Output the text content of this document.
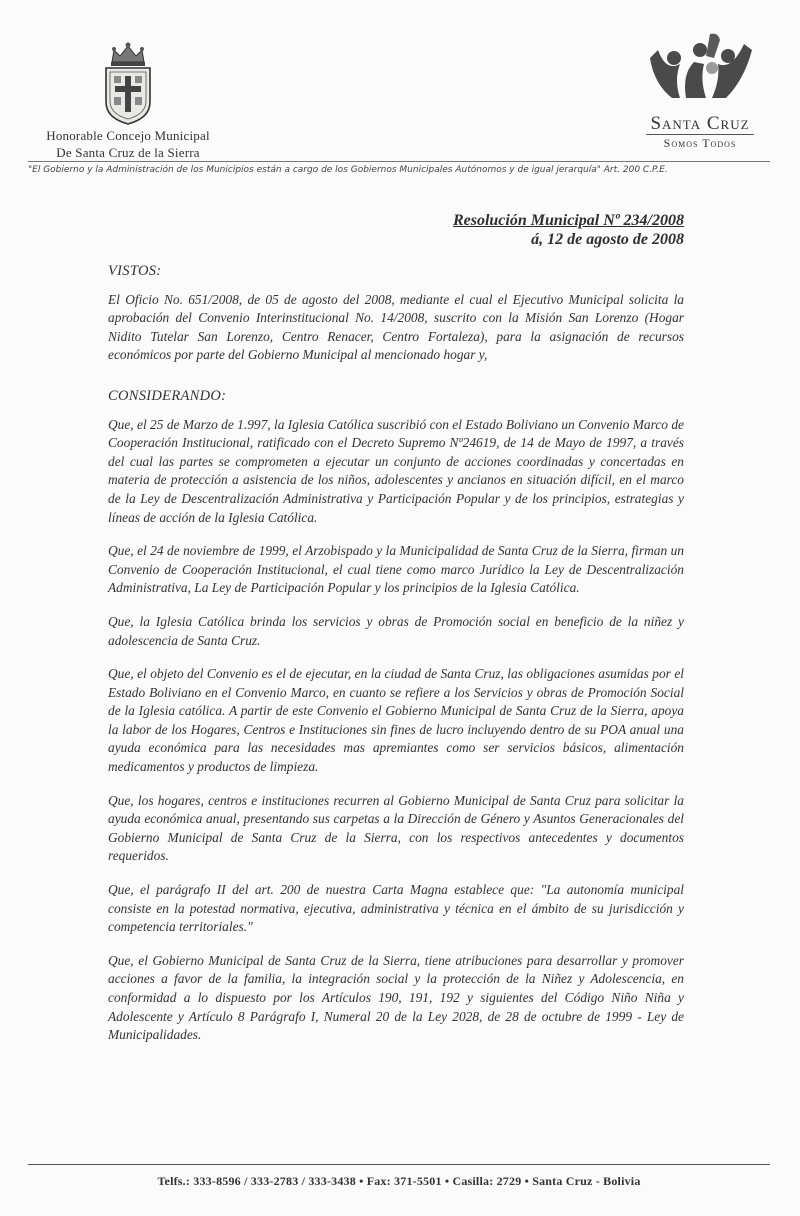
Honorable Concejo Municipal
De Santa Cruz de la Sierra
Santa Cruz
Somos Todos
"El Gobierno y la Administración de los Municipios están a cargo de los Gobiernos Municipales Autónomos y de igual jerarquía" Art. 200 C.P.E.
Resolución Municipal Nº 234/2008
á, 12 de agosto de 2008
VISTOS:

El Oficio No. 651/2008, de 05 de agosto del 2008, mediante el cual el Ejecutivo Municipal solicita la aprobación del Convenio Interinstitucional No. 14/2008, suscrito con la Misión San Lorenzo (Hogar Nidito Tutelar San Lorenzo, Centro Renacer, Centro Fortaleza), para la asignación de recursos económicos por parte del Gobierno Municipal al mencionado hogar y,

CONSIDERANDO:

Que, el 25 de Marzo de 1.997, la Iglesia Católica suscribió con el Estado Boliviano un Convenio Marco de Cooperación Institucional, ratificado con el Decreto Supremo Nº24619, de 14 de Mayo de 1997, a través del cual las partes se comprometen a ejecutar un conjunto de acciones coordinadas y concertadas en materia de protección a asistencia de los niños, adolescentes y ancianos en situación difícil, en el marco de la Ley de Descentralización Administrativa y Participación Popular y de los principios, estrategias y líneas de acción de la Iglesia Católica.

Que, el 24 de noviembre de 1999, el Arzobispado y la Municipalidad de Santa Cruz de la Sierra, firman un Convenio de Cooperación Institucional, el cual tiene como marco Jurídico la Ley de Descentralización Administrativa, La Ley de Participación Popular y los principios de la Iglesia Católica.

Que, la Iglesia Católica brinda los servicios y obras de Promoción social en beneficio de la niñez y adolescencia de Santa Cruz.

Que, el objeto del Convenio es el de ejecutar, en la ciudad de Santa Cruz, las obligaciones asumidas por el Estado Boliviano en el Convenio Marco, en cuanto se refiere a los Servicios y obras de Promoción Social de la Iglesia católica. A partir de este Convenio el Gobierno Municipal de Santa Cruz de la Sierra, apoya la labor de los Hogares, Centros e Instituciones sin fines de lucro incluyendo dentro de su POA anual una ayuda económica para las necesidades mas apremiantes como ser servicios básicos, alimentación medicamentos y productos de limpieza.

Que, los hogares, centros e instituciones recurren al Gobierno Municipal de Santa Cruz para solicitar la ayuda económica anual, presentando sus carpetas a la Dirección de Género y Asuntos Generacionales del Gobierno Municipal de Santa Cruz de la Sierra, con los respectivos antecedentes y documentos requeridos.

Que, el parágrafo II del art. 200 de nuestra Carta Magna establece que: "La autonomía municipal consiste en la potestad normativa, ejecutiva, administrativa y técnica en el ámbito de su jurisdicción y competencia territoriales."

Que, el Gobierno Municipal de Santa Cruz de la Sierra, tiene atribuciones para desarrollar y promover acciones a favor de la familia, la integración social y la protección de la Niñez y Adolescencia, en conformidad a lo dispuesto por los Artículos 190, 191, 192 y siguientes del Código Niño Niña y Adolescente y Artículo 8 Parágrafo I, Numeral 20 de la Ley 2028, de 28 de octubre de 1999 - Ley de Municipalidades.

Telfs.: 333-8596 / 333-2783 / 333-3438 • Fax: 371-5501 • Casilla: 2729 • Santa Cruz - Bolivia
